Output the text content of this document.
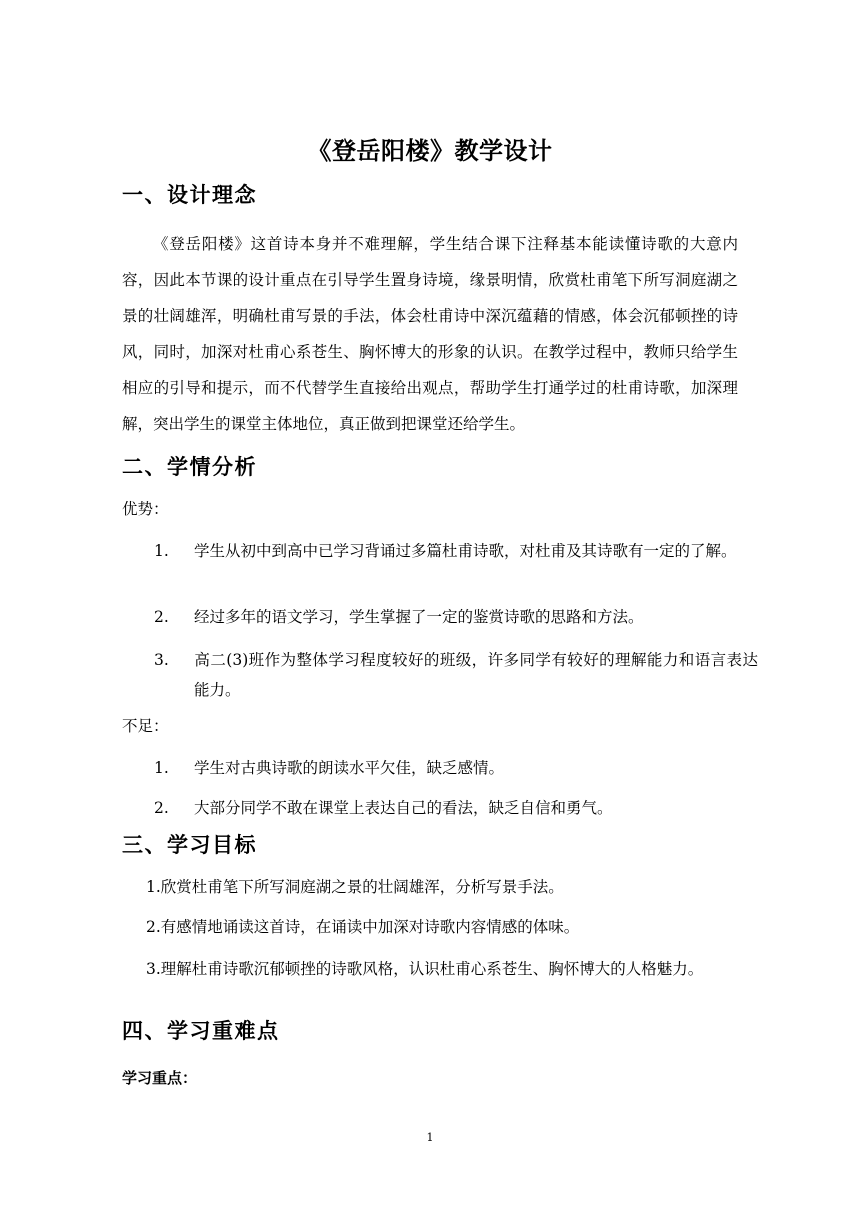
《登岳阳楼》教学设计
一、设计理念
《登岳阳楼》这首诗本身并不难理解，学生结合课下注释基本能读懂诗歌的大意内容，因此本节课的设计重点在引导学生置身诗境，缘景明情，欣赏杜甫笔下所写洞庭湖之景的壮阔雄浑，明确杜甫写景的手法，体会杜甫诗中深沉蕴藉的情感，体会沉郁顿挫的诗风，同时，加深对杜甫心系苍生、胸怀博大的形象的认识。在教学过程中，教师只给学生相应的引导和提示，而不代替学生直接给出观点，帮助学生打通学过的杜甫诗歌，加深理解，突出学生的课堂主体地位，真正做到把课堂还给学生。
二、学情分析
优势：
1. 学生从初中到高中已学习背诵过多篇杜甫诗歌，对杜甫及其诗歌有一定的了解。
2. 经过多年的语文学习，学生掌握了一定的鉴赏诗歌的思路和方法。
3. 高二(3)班作为整体学习程度较好的班级，许多同学有较好的理解能力和语言表达能力。
不足：
1. 学生对古典诗歌的朗读水平欠佳，缺乏感情。
2. 大部分同学不敢在课堂上表达自己的看法，缺乏自信和勇气。
三、学习目标
1.欣赏杜甫笔下所写洞庭湖之景的壮阔雄浑，分析写景手法。
2.有感情地诵读这首诗，在诵读中加深对诗歌内容情感的体味。
3.理解杜甫诗歌沉郁顿挫的诗歌风格，认识杜甫心系苍生、胸怀博大的人格魅力。
四、学习重难点
学习重点：
1
